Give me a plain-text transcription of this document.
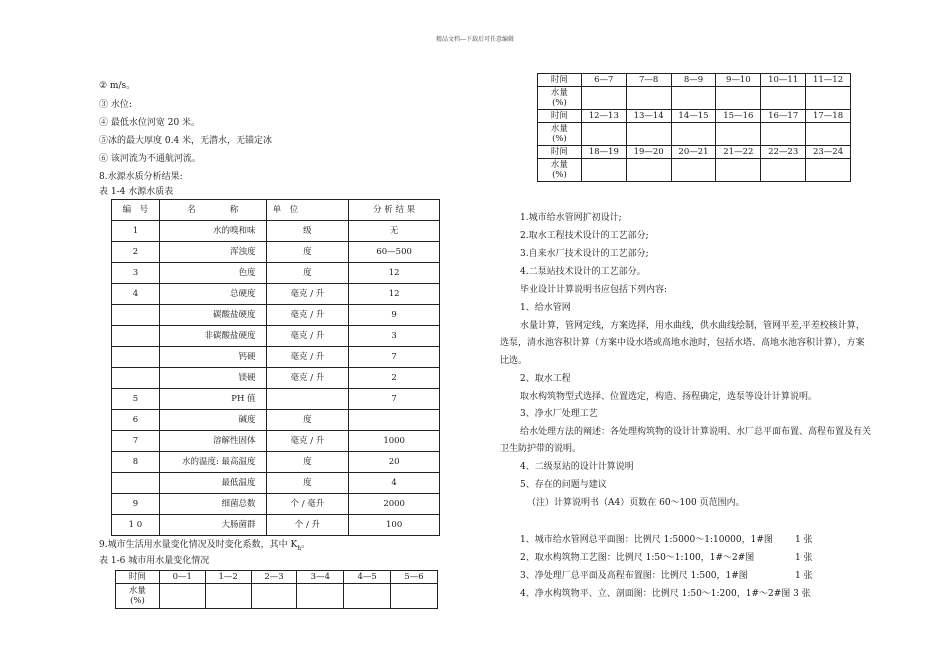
精品文档---下载后可任意编辑
② m/s。
③ 水位:
④ 最低水位河宽 20 米。
⑤冰的最大厚度 0.4 米，无潜水，无锚定冰
⑥ 该河流为不通航河流。
8.水源水质分析结果:
表 1-4 水源水质表
编　号	名　　　　称	单　位	分 析 结 果
1	水的嗅和味	级	无
2	浑浊度	度	60—500
3	色度	度	12
4	总硬度	毫克 / 升	12
	碳酸盐硬度	毫克 / 升	9
	非碳酸盐硬度	毫克 / 升	3
	钙硬	毫克 / 升	7
	镁硬	毫克 / 升	2
5	PH 值		7
6	碱度	度	
7	溶解性固体	毫克 / 升	1000
8	水的温度: 最高温度	度	20
	最低温度	度	4
9	细菌总数	个 / 毫升	2000
1 0	大肠菌群	个 / 升	100
9.城市生活用水量变化情况及时变化系数，其中 $K_h$。
表 1-6 城市用水量变化情况
时间	0—1	1—2	2—3	3—4	4—5	5—6
水量
(%)						
时间	6—7	7—8	8—9	9—10	10—11	11—12
水量
(%)						
时间	12—13	13—14	14—15	15—16	16—17	17—18
水量
(%)						
时间	18—19	19—20	20—21	21—22	22—23	23—24
水量
(%)						
1.城市给水管网扩初设计;
2.取水工程技术设计的工艺部分;
3.自来水厂技术设计的工艺部分;
4.二泵站技术设计的工艺部分。
毕业设计计算说明书应包括下列内容:
1、给水管网
水量计算，管网定线，方案选择，用水曲线，供水曲线绘制，管网平差,平差校核计算，
选泵，清水池容积计算（方案中设水塔或高地水池时，包括水塔、高地水池容积计算），方案
比选。
2、取水工程
取水构筑物型式选择、位置选定，构造、扬程确定，选泵等设计计算说明。
3、净水厂处理工艺
给水处理方法的阐述：各处理构筑物的设计计算说明、水厂总平面布置、高程布置及有关
卫生防护带的说明。
4、二级泵站的设计计算说明
5、存在的问题与建议
（注）计算说明书（A4）页数在 60～100 页范围内。
1、城市给水管网总平面图：比例尺 1:5000～1:10000，1#图 1 张
2、取水构筑物工艺图：比例尺 1:50～1:100，1#～2#图	1 张
3、净处理厂总平面及高程布置图：比例尺 1:500，1#图	1 张
4、净水构筑物平、立、剖面图：比例尺 1:50～1:200，1#～2#图 3 张
